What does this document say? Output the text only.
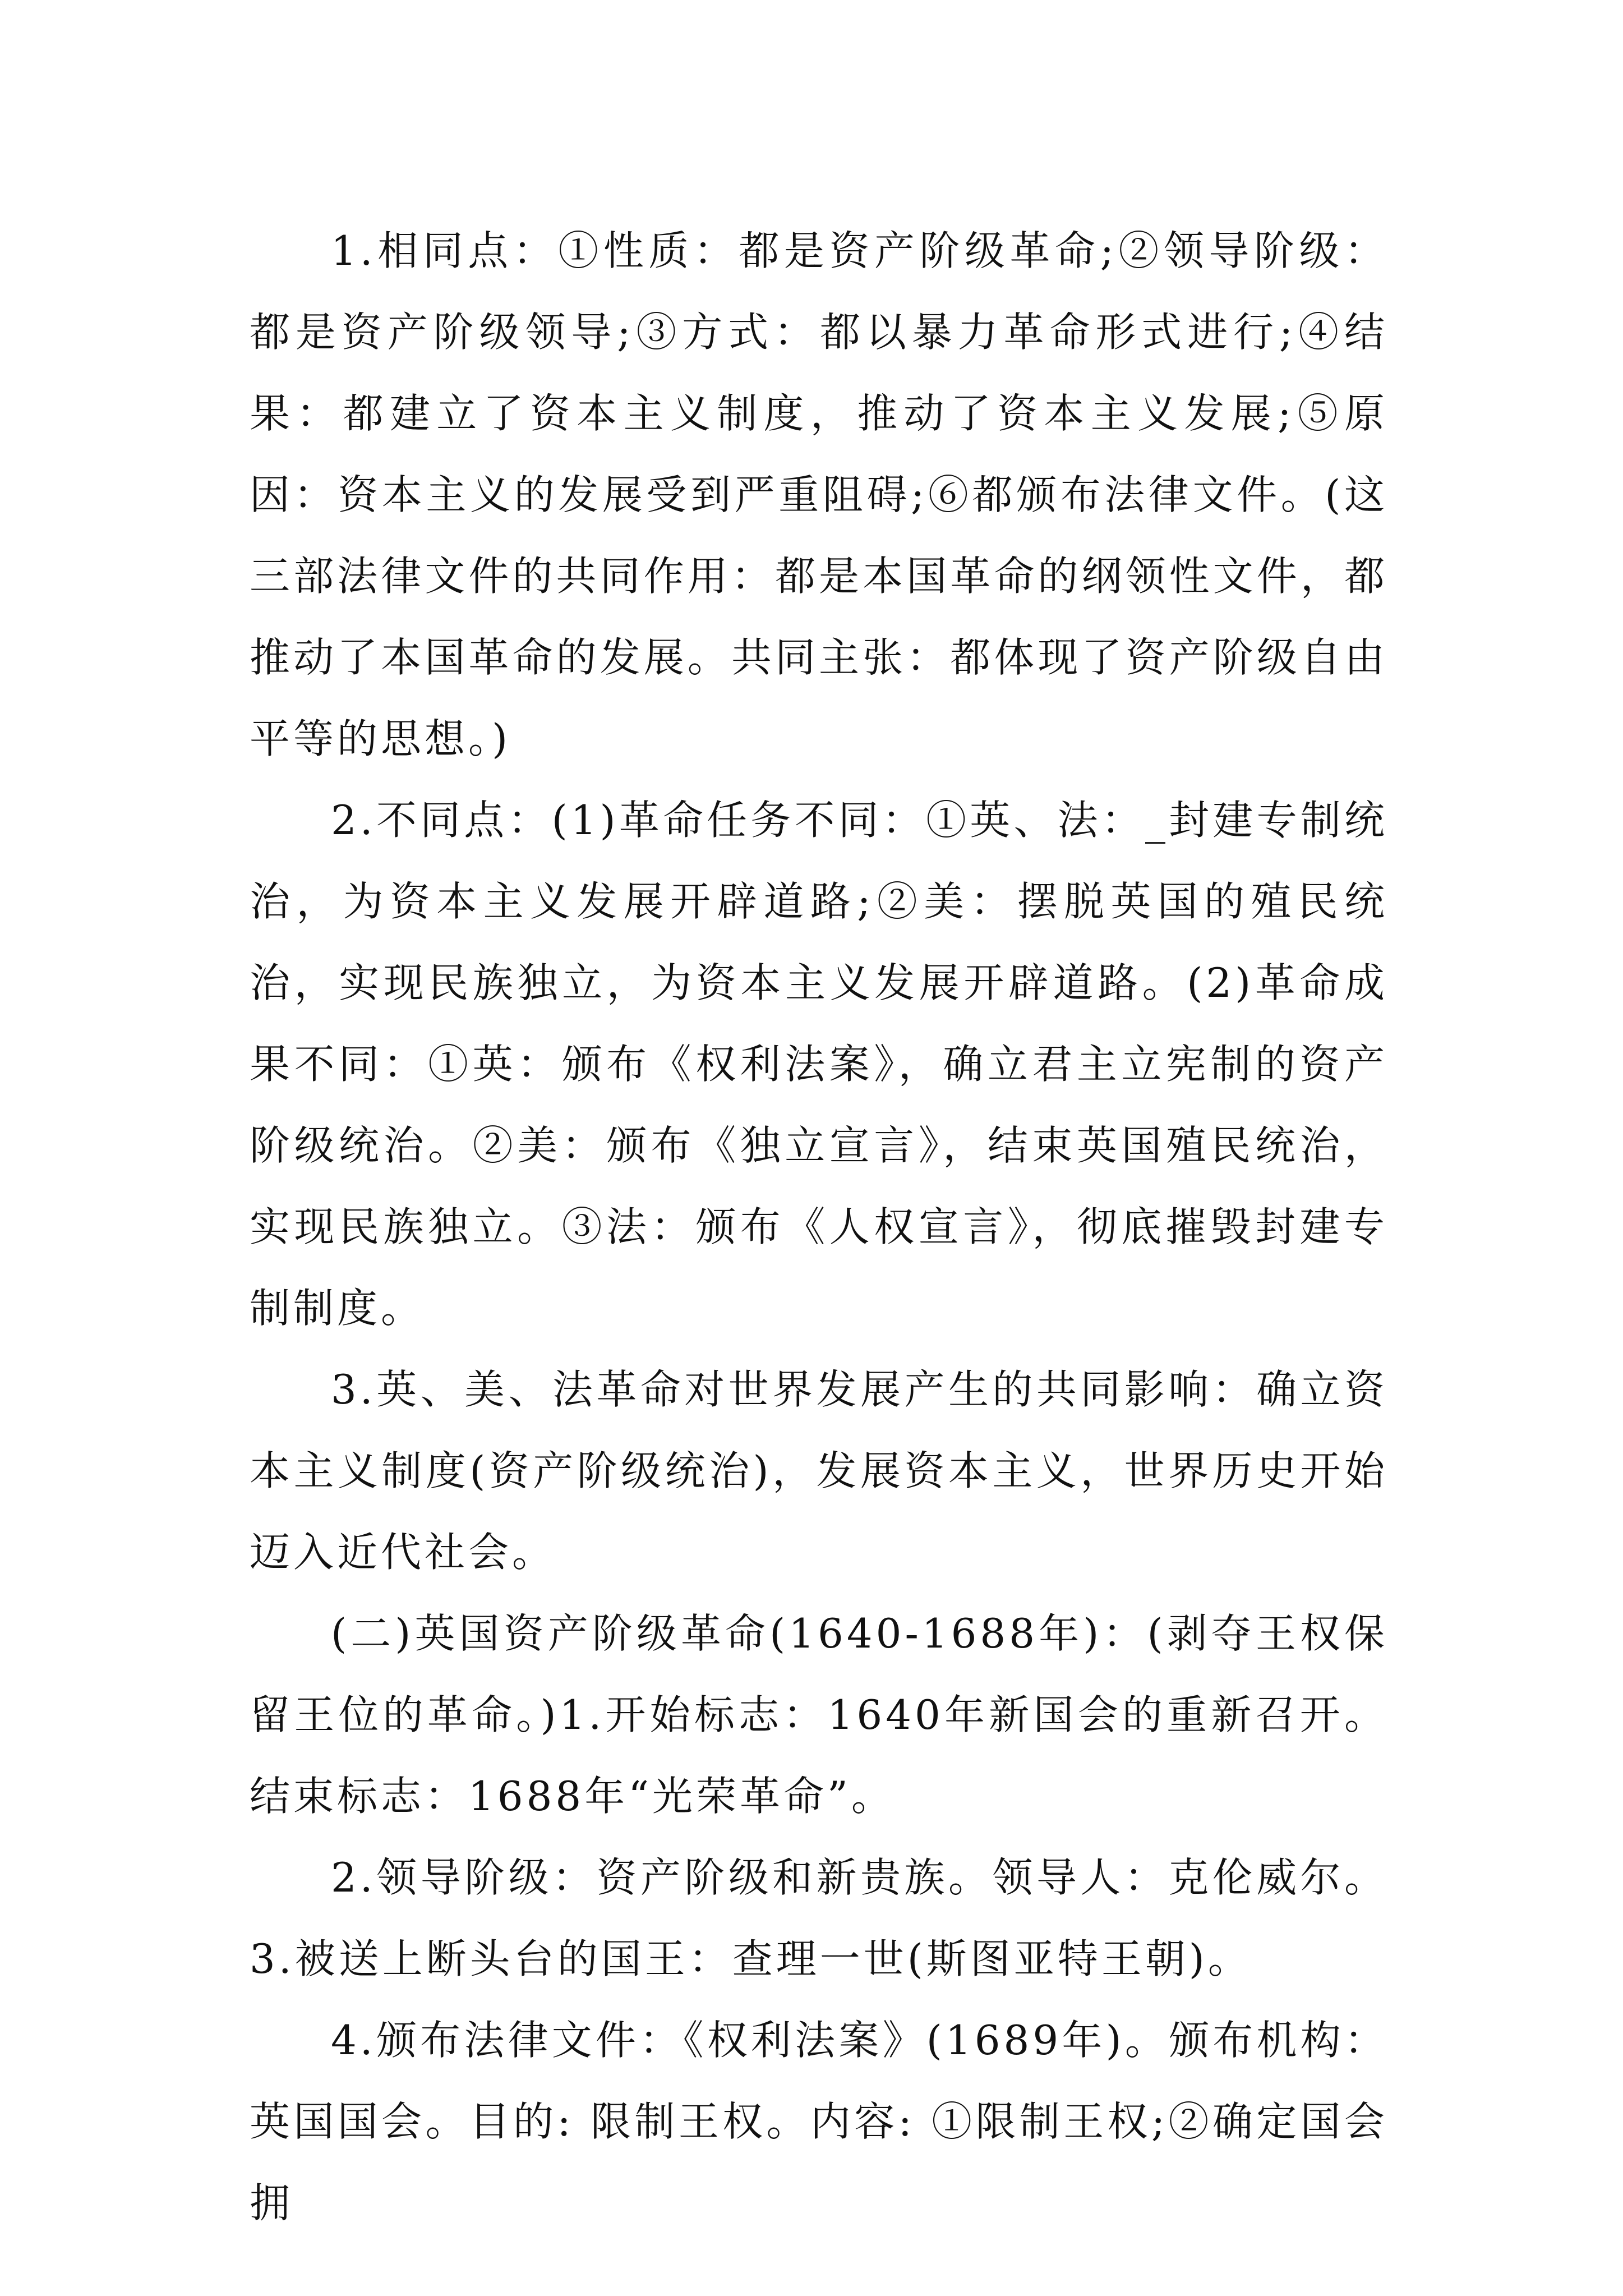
1.相同点：①性质：都是资产阶级革命;②领导阶级：都是资产阶级领导;③方式：都以暴力革命形式进行;④结果：都建立了资本主义制度，推动了资本主义发展;⑤原因：资本主义的发展受到严重阻碍;⑥都颁布法律文件。(这三部法律文件的共同作用：都是本国革命的纲领性文件，都推动了本国革命的发展。共同主张：都体现了资产阶级自由平等的思想。)

2.不同点：(1)革命任务不同：①英、法：_封建专制统治，为资本主义发展开辟道路;②美：摆脱英国的殖民统治，实现民族独立，为资本主义发展开辟道路。(2)革命成果不同：①英：颁布《权利法案》，确立君主立宪制的资产阶级统治。②美：颁布《独立宣言》，结束英国殖民统治，实现民族独立。③法：颁布《人权宣言》，彻底摧毁封建专制制度。

3.英、美、法革命对世界发展产生的共同影响：确立资本主义制度(资产阶级统治)，发展资本主义，世界历史开始迈入近代社会。

(二)英国资产阶级革命(1640-1688年)：(剥夺王权保留王位的革命。)1.开始标志：1640年新国会的重新召开。结束标志：1688年“光荣革命”。

2.领导阶级：资产阶级和新贵族。领导人：克伦威尔。3.被送上断头台的国王：查理一世(斯图亚特王朝)。

4.颁布法律文件：《权利法案》(1689年)。颁布机构：英国国会。目的: 限制王权。内容: ①限制王权;②确定国会拥
